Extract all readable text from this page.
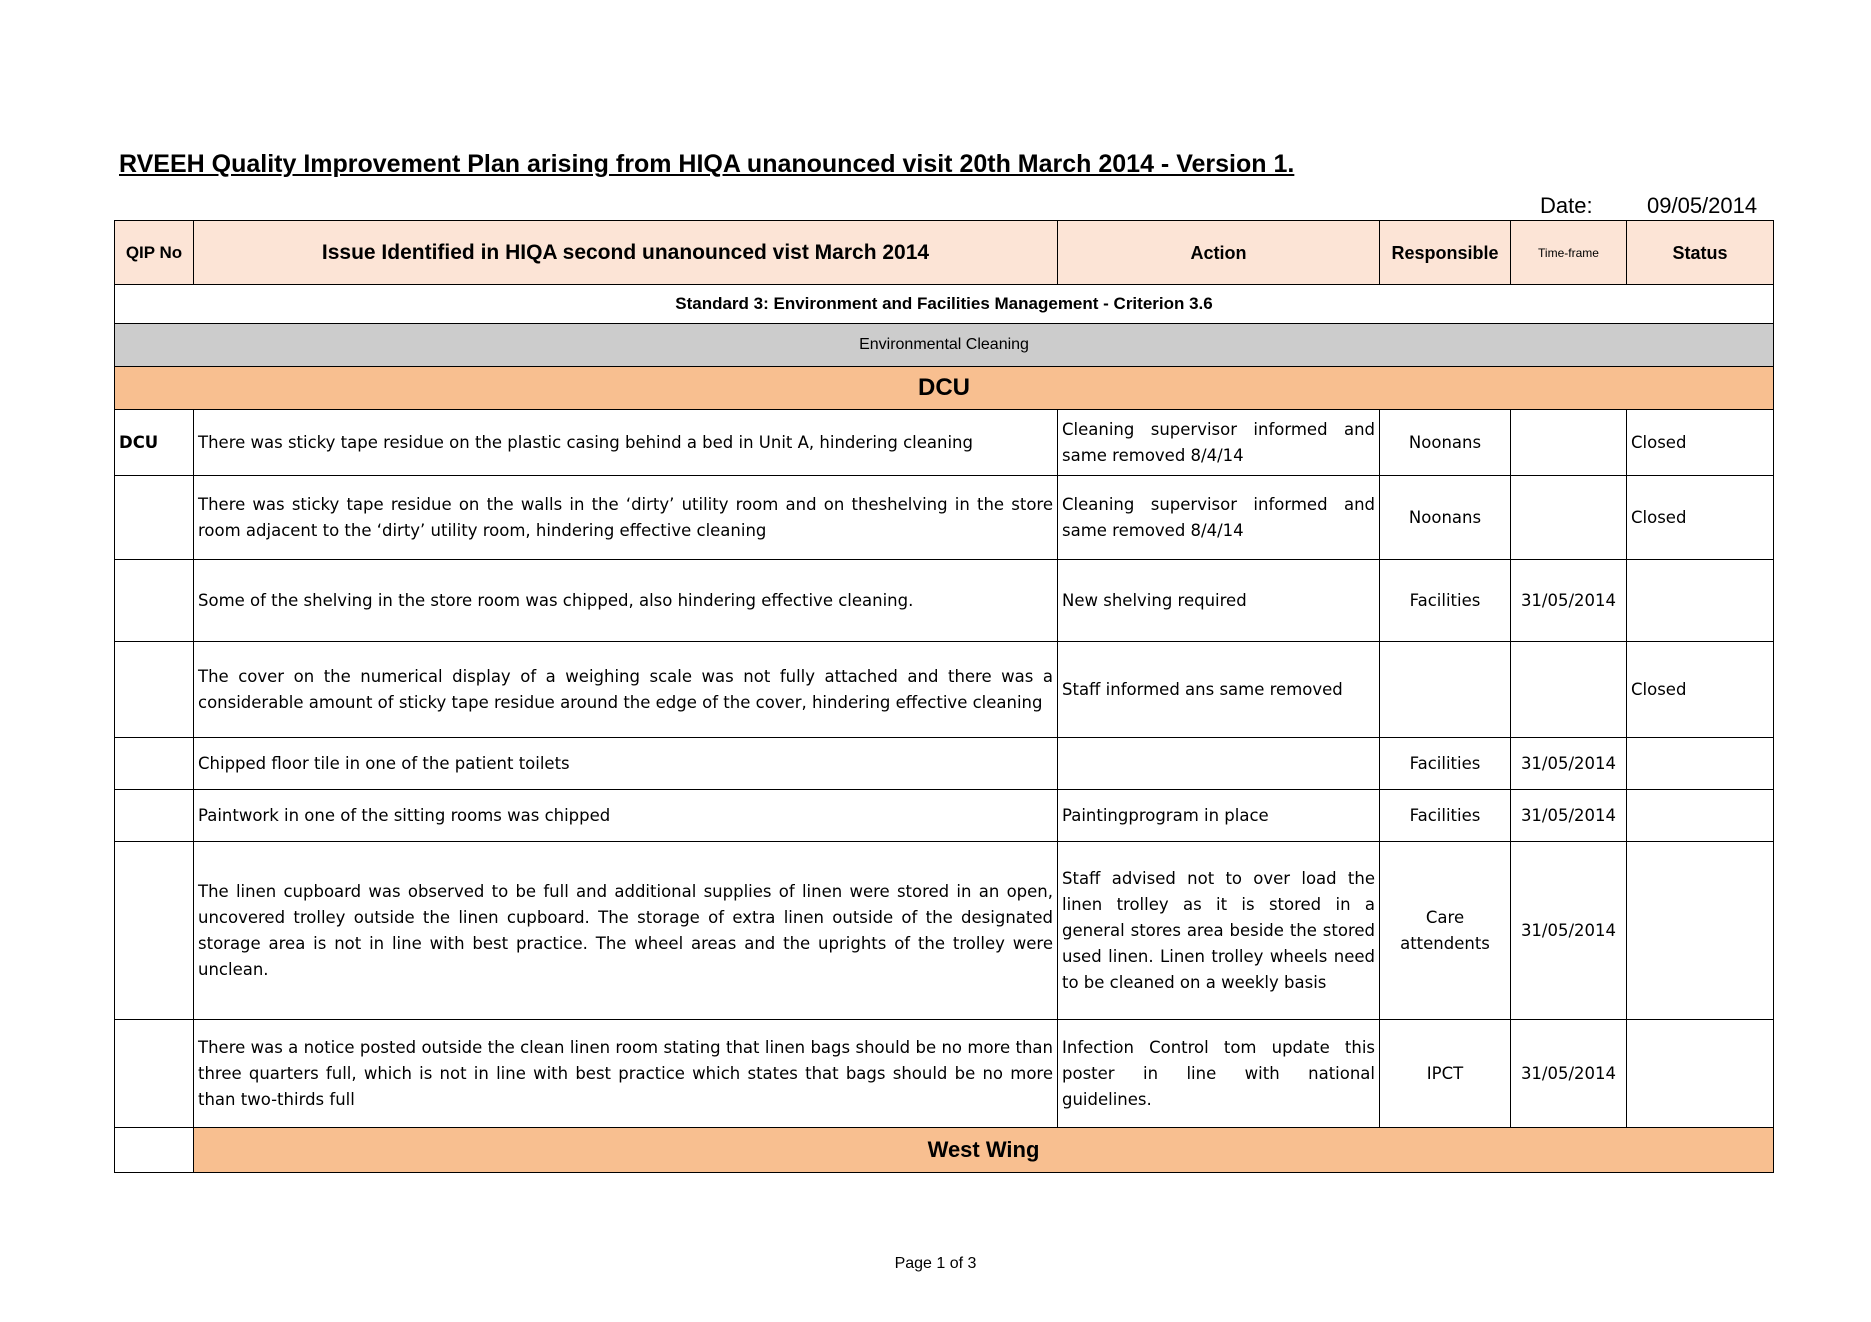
RVEEH Quality Improvement Plan arising from HIQA unanounced visit 20th March 2014 - Version 1.
Date: 09/05/2014
QIP No	Issue Identified in HIQA second unanounced vist March 2014	Action	Responsible	Time-frame	Status
Standard 3: Environment and Facilities Management - Criterion 3.6					
Environmental Cleaning					
DCU					
DCU	There was sticky tape residue on the plastic casing behind a bed in Unit A, hindering cleaning	Cleaning supervisor informed and same removed 8/4/14	Noonans		Closed
	There was sticky tape residue on the walls in the ‘dirty’ utility room and on theshelving in the store room adjacent to the ‘dirty’ utility room, hindering effective cleaning	Cleaning supervisor informed and same removed 8/4/14	Noonans		Closed
	Some of the shelving in the store room was chipped, also hindering effective cleaning.	New shelving required	Facilities	31/05/2014	
	The cover on the numerical display of a weighing scale was not fully attached and there was a considerable amount of sticky tape residue around the edge of the cover, hindering effective cleaning	Staff informed ans same removed			Closed
	Chipped floor tile in one of the patient toilets		Facilities	31/05/2014	
	Paintwork in one of the sitting rooms was chipped	Paintingprogram in place	Facilities	31/05/2014	
	The linen cupboard was observed to be full and additional supplies of linen were stored in an open, uncovered trolley outside the linen cupboard. The storage of extra linen outside of the designated storage area is not in line with best practice. The wheel areas and the uprights of the trolley were unclean.	Staff advised not to over load the linen trolley as it is stored in a general stores area beside the stored used linen. Linen trolley wheels need to be cleaned on a weekly basis	Care attendents	31/05/2014	
	There was a notice posted outside the clean linen room stating that linen bags should be no more than three quarters full, which is not in line with best practice which states that bags should be no more than two-thirds full	Infection Control tom update this poster in line with national guidelines.	IPCT	31/05/2014	
	West Wing				
Page 1 of 3
